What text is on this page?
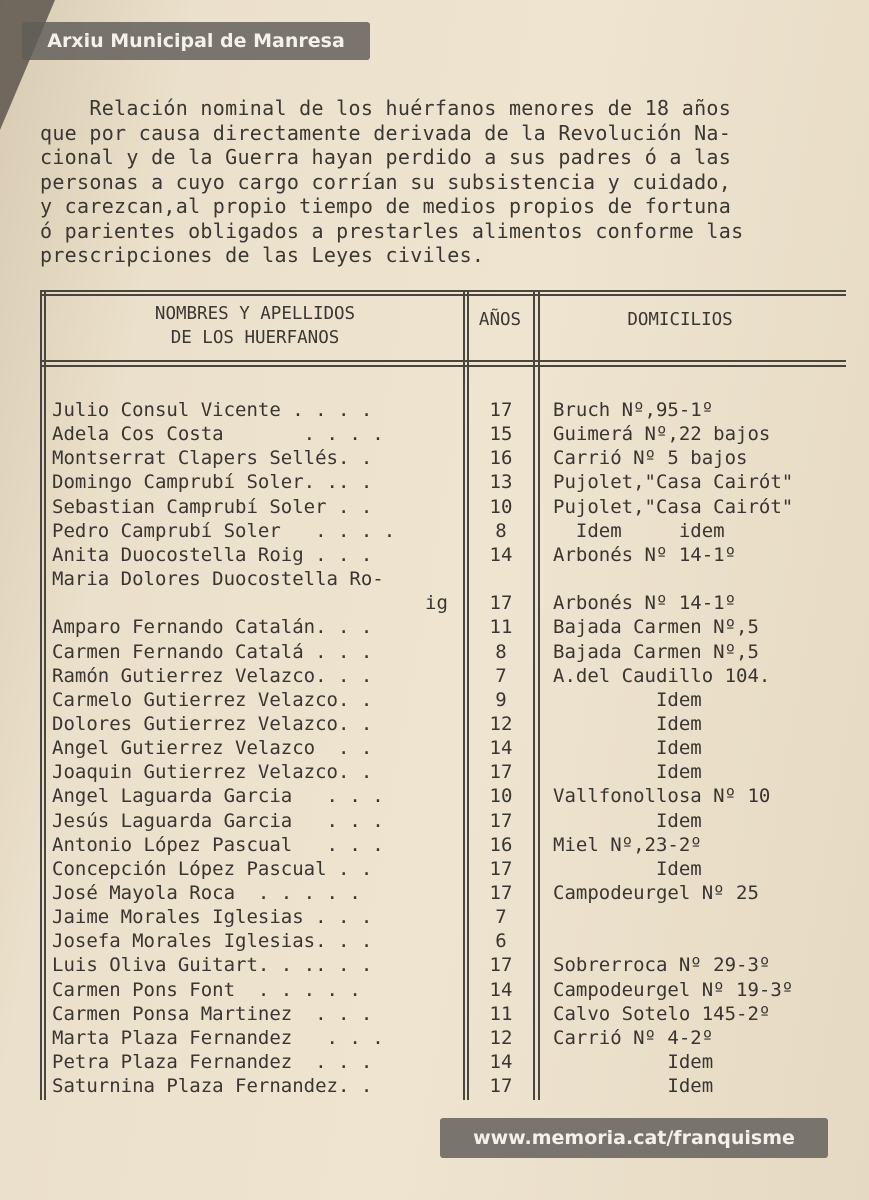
Arxiu Municipal de Manresa
Relación nominal de los huérfanos menores de 18 años
que por causa directamente derivada de la Revolución Na-
cional y de la Guerra hayan perdido a sus padres ó a las
personas a cuyo cargo corrían su subsistencia y cuidado,
y carezcan,al propio tiempo de medios propios de fortuna
ó parientes obligados a prestarles alimentos conforme las
prescripciones de las Leyes civiles.
NOMBRES Y APELLIDOS
DE LOS HUERFANOS
AÑOS	DOMICILIOS
Julio Consul Vicente . . . .	17	Bruch Nº,95-1º
Adela Cos Costa       . . . .	15	Guimerá Nº,22 bajos
Montserrat Clapers Sellés. .	16	Carrió Nº 5 bajos
Domingo Camprubí Soler. .. .	13	Pujolet,"Casa Cairót"
Sebastian Camprubí Soler . .	10	Pujolet,"Casa Cairót"
Pedro Camprubí Soler   . . . .	8	Idem     idem
Anita Duocostella Roig . . .	14	Arbonés Nº 14-1º
Maria Dolores Duocostella Ro-
ig	17	Arbonés Nº 14-1º
Amparo Fernando Catalán. . .	11	Bajada Carmen Nº,5
Carmen Fernando Catalá . . .	8	Bajada Carmen Nº,5
Ramón Gutierrez Velazco. . .	7	A.del Caudillo 104.
Carmelo Gutierrez Velazco. .	9	Idem
Dolores Gutierrez Velazco. .	12	Idem
Angel Gutierrez Velazco  . .	14	Idem
Joaquin Gutierrez Velazco. .	17	Idem
Angel Laguarda Garcia   . . .	10	Vallfonollosa Nº 10
Jesús Laguarda Garcia   . . .	17	Idem
Antonio López Pascual   . . .	16	Miel Nº,23-2º
Concepción López Pascual . .	17	Idem
José Mayola Roca  . . . . .	17	Campodeurgel Nº 25
Jaime Morales Iglesias . . .	7
Josefa Morales Iglesias. . .	6
Luis Oliva Guitart. . .. . .	17	Sobrerroca Nº 29-3º
Carmen Pons Font  . . . . .	14	Campodeurgel Nº 19-3º
Carmen Ponsa Martinez  . . .	11	Calvo Sotelo 145-2º
Marta Plaza Fernandez   . . .	12	Carrió Nº 4-2º
Petra Plaza Fernandez  . . .	14	Idem
Saturnina Plaza Fernandez. .	17	Idem
www.memoria.cat/franquisme
